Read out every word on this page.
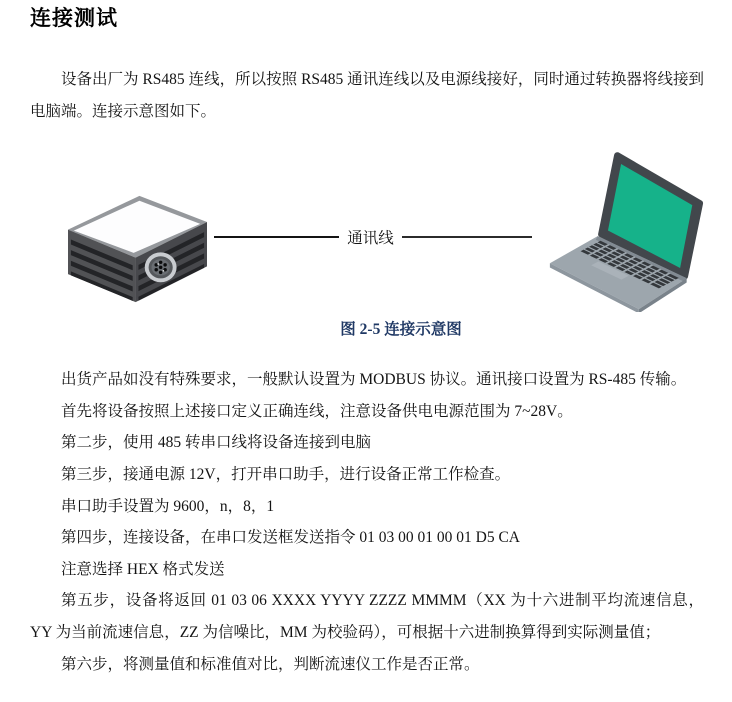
连接测试

设备出厂为 RS485 连线，所以按照 RS485 通讯连线以及电源线接好，同时通过转换器将线接到电脑端。连接示意图如下。

通讯线
图 2-5 连接示意图

出货产品如没有特殊要求，一般默认设置为 MODBUS 协议。通讯接口设置为 RS-485 传输。

首先将设备按照上述接口定义正确连线，注意设备供电电源范围为 7~28V。

第二步，使用 485 转串口线将设备连接到电脑

第三步，接通电源 12V，打开串口助手，进行设备正常工作检查。

串口助手设置为 9600，n，8，1

第四步，连接设备，在串口发送框发送指令 01 03 00 01 00 01 D5 CA

注意选择 HEX 格式发送

第五步，设备将返回 01 03 06 XXXX YYYY ZZZZ MMMM（XX 为十六进制平均流速信息，YY 为当前流速信息，ZZ 为信噪比，MM 为校验码），可根据十六进制换算得到实际测量值；

第六步，将测量值和标准值对比，判断流速仪工作是否正常。
